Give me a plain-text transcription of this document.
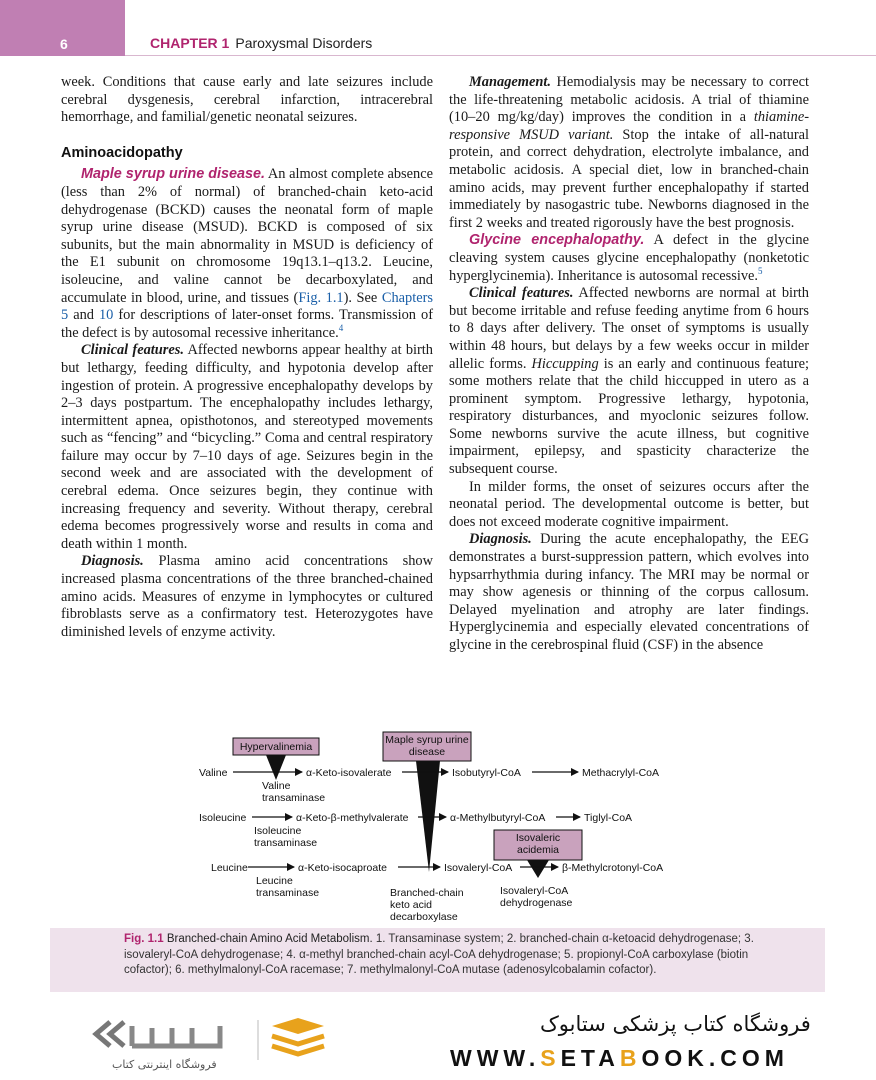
6	CHAPTER 1 Paroxysmal Disorders

week. Conditions that cause early and late seizures include cerebral dysgenesis, cerebral infarction, intracerebral hemorrhage, and familial/genetic neonatal seizures.

Aminoacidopathy

Maple syrup urine disease. An almost complete absence (less than 2% of normal) of branched-chain keto-acid dehydrogenase (BCKD) causes the neonatal form of maple syrup urine disease (MSUD). BCKD is composed of six subunits, but the main abnormality in MSUD is deficiency of the E1 subunit on chromosome 19q13.1–q13.2. Leucine, isoleucine, and valine cannot be decarboxylated, and accumulate in blood, urine, and tissues (Fig. 1.1). See Chapters 5 and 10 for descriptions of later-onset forms. Transmission of the defect is by autosomal recessive inheritance.$^4$

Clinical features. Affected newborns appear healthy at birth but lethargy, feeding difficulty, and hypotonia develop after ingestion of protein. A progressive encephalopathy develops by 2–3 days postpartum. The encephalopathy includes lethargy, intermittent apnea, opisthotonos, and stereotyped movements such as “fencing” and “bicycling.” Coma and central respiratory failure may occur by 7–10 days of age. Seizures begin in the second week and are associated with the development of cerebral edema. Once seizures begin, they continue with increasing frequency and severity. Without therapy, cerebral edema becomes progressively worse and results in coma and death within 1 month.

Diagnosis. Plasma amino acid concentrations show increased plasma concentrations of the three branched-chained amino acids. Measures of enzyme in lymphocytes or cultured fibroblasts serve as a confirmatory test. Heterozygotes have diminished levels of enzyme activity.

Management. Hemodialysis may be necessary to correct the life-threatening metabolic acidosis. A trial of thiamine (10–20 mg/kg/day) improves the condition in a thiamine-responsive MSUD variant. Stop the intake of all-natural protein, and correct dehydration, electrolyte imbalance, and metabolic acidosis. A special diet, low in branched-chain amino acids, may prevent further encephalopathy if started immediately by nasogastric tube. Newborns diagnosed in the first 2 weeks and treated rigorously have the best prognosis.

Glycine encephalopathy. A defect in the glycine cleaving system causes glycine encephalopathy (nonketotic hyperglycinemia). Inheritance is autosomal recessive.$^5$

Clinical features. Affected newborns are normal at birth but become irritable and refuse feeding anytime from 6 hours to 8 days after delivery. The onset of symptoms is usually within 48 hours, but delays by a few weeks occur in milder allelic forms. Hiccupping is an early and continuous feature; some mothers relate that the child hiccupped in utero as a prominent symptom. Progressive lethargy, hypotonia, respiratory disturbances, and myoclonic seizures follow. Some newborns survive the acute illness, but cognitive impairment, epilepsy, and spasticity characterize the subsequent course.

In milder forms, the onset of seizures occurs after the neonatal period. The developmental outcome is better, but does not exceed moderate cognitive impairment.

Diagnosis. During the acute encephalopathy, the EEG demonstrates a burst-suppression pattern, which evolves into hypsarrhythmia during infancy. The MRI may be normal or may show agenesis or thinning of the corpus callosum. Delayed myelination and atrophy are later findings. Hyperglycinemia and especially elevated concentrations of glycine in the cerebrospinal fluid (CSF) in the absence

Hypervalinemia
Maple syrup urine
disease
Isovaleric
acidemia
Valine	α-Keto-isovalerate	Isobutyryl-CoA	Methacrylyl-CoA
Valine
transaminase
Isoleucine	α-Keto-β-methylvalerate	α-Methylbutyryl-CoA	Tiglyl-CoA
Isoleucine
transaminase
Leucine	α-Keto-isocaproate	Isovaleryl-CoA	β-Methylcrotonyl-CoA
Leucine
transaminase	Branched-chain
keto acid
decarboxylase
Isovaleryl-CoA
dehydrogenase
Fig. 1.1 Branched-chain Amino Acid Metabolism. 1. Transaminase system; 2. branched-chain α-ketoacid dehydrogenase; 3. isovaleryl-CoA dehydrogenase; 4. α-methyl branched-chain acyl-CoA dehydrogenase; 5. propionyl-CoA carboxylase (biotin cofactor); 6. methylmalonyl-CoA racemase; 7. methylmalonyl-CoA mutase (adenosylcobalamin cofactor).
فروشگاه اینترنتی کتاب
فروشگاه کتاب پزشکی ستابوک
WWW.SETABOOK.COM
